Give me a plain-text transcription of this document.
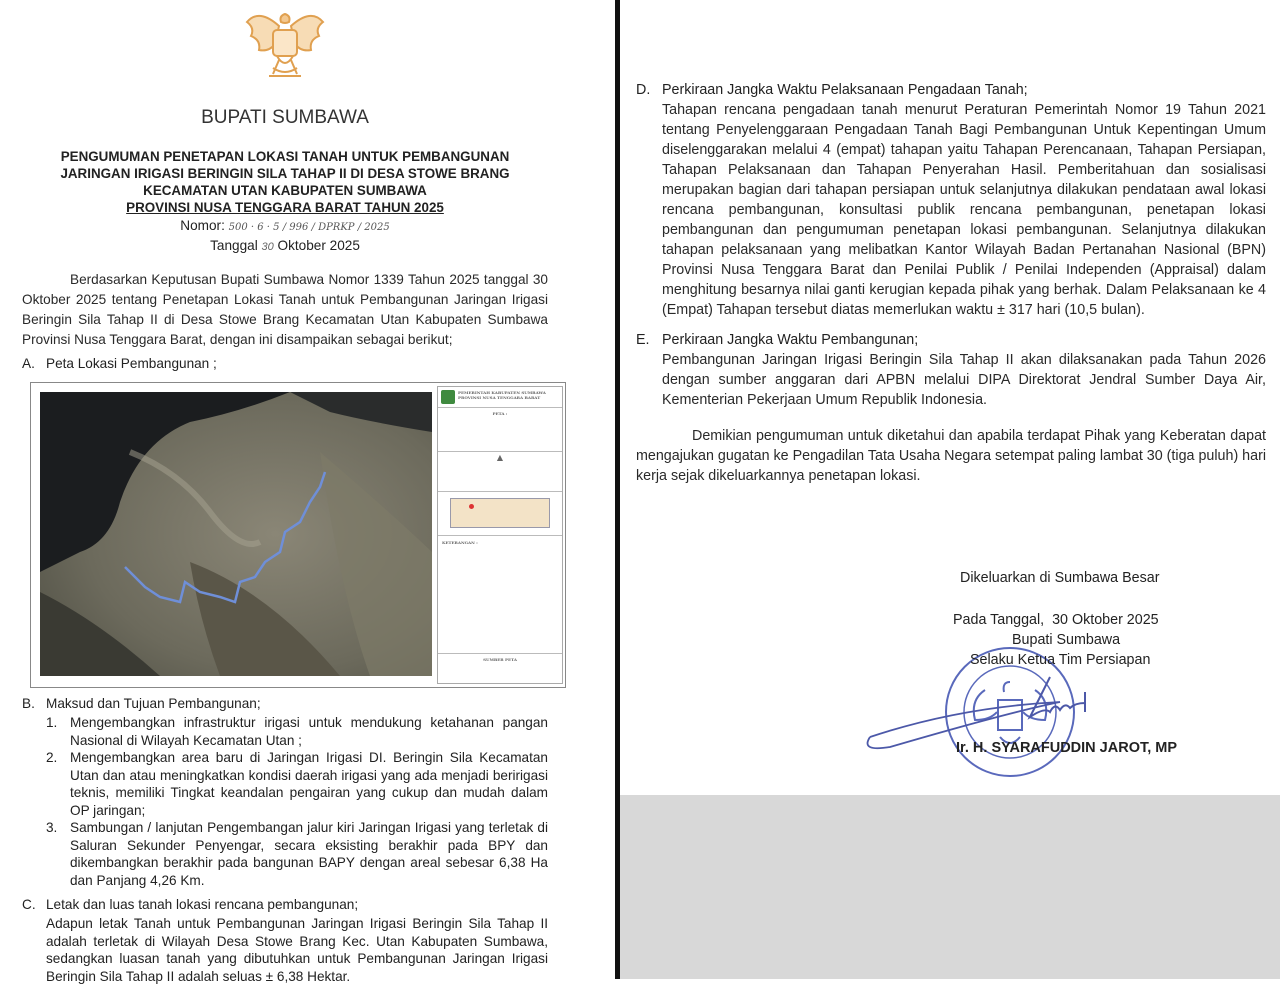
BUPATI SUMBAWA
PENGUMUMAN PENETAPAN LOKASI TANAH UNTUK PEMBANGUNAN
JARINGAN IRIGASI BERINGIN SILA TAHAP II DI DESA STOWE BRANG
KECAMATAN UTAN KABUPATEN SUMBAWA
PROVINSI NUSA TENGGARA BARAT TAHUN 2025
Nomor: 500 · 6 · 5 / 996 / DPRKP / 2025
Tanggal 30 Oktober 2025
Berdasarkan Keputusan Bupati Sumbawa Nomor 1339 Tahun 2025 tanggal 30 Oktober 2025 tentang Penetapan Lokasi Tanah untuk Pembangunan Jaringan Irigasi Beringin Sila Tahap II di Desa Stowe Brang Kecamatan Utan Kabupaten Sumbawa Provinsi Nusa Tenggara Barat, dengan ini disampaikan sebagai berikut;
A. Peta Lokasi Pembangunan ;
PEMERINTAH KABUPATEN SUMBAWA PROVINSI NUSA TENGGARA BARAT
PETA :
▲
KETERANGAN :
SUMBER PETA
B. Maksud dan Tujuan Pembangunan;
1. Mengembangkan infrastruktur irigasi untuk mendukung ketahanan pangan Nasional di Wilayah Kecamatan Utan ;
2. Mengembangkan area baru di Jaringan Irigasi DI. Beringin Sila Kecamatan Utan dan atau meningkatkan kondisi daerah irigasi yang ada menjadi beririgasi teknis, memiliki Tingkat keandalan pengairan yang cukup dan mudah dalam OP jaringan;
3. Sambungan / lanjutan Pengembangan jalur kiri Jaringan Irigasi yang terletak di Saluran Sekunder Penyengar, secara eksisting berakhir pada BPY dan dikembangkan berakhir pada bangunan BAPY dengan areal sebesar 6,38 Ha dan Panjang 4,26 Km.
C. Letak dan luas tanah lokasi rencana pembangunan;
Adapun letak Tanah untuk Pembangunan Jaringan Irigasi Beringin Sila Tahap II adalah terletak di Wilayah Desa Stowe Brang Kec. Utan Kabupaten Sumbawa, sedangkan luasan tanah yang dibutuhkan untuk Pembangunan Jaringan Irigasi Beringin Sila Tahap II adalah seluas ± 6,38 Hektar.
D. Perkiraan Jangka Waktu Pelaksanaan Pengadaan Tanah;
Tahapan rencana pengadaan tanah menurut Peraturan Pemerintah Nomor 19 Tahun 2021 tentang Penyelenggaraan Pengadaan Tanah Bagi Pembangunan Untuk Kepentingan Umum diselenggarakan melalui 4 (empat) tahapan yaitu Tahapan Perencanaan, Tahapan Persiapan, Tahapan Pelaksanaan dan Tahapan Penyerahan Hasil. Pemberitahuan dan sosialisasi merupakan bagian dari tahapan persiapan untuk selanjutnya dilakukan pendataan awal lokasi rencana pembangunan, konsultasi publik rencana pembangunan, penetapan lokasi pembangunan dan pengumuman penetapan lokasi pembangunan. Selanjutnya dilakukan tahapan pelaksanaan yang melibatkan Kantor Wilayah Badan Pertanahan Nasional (BPN) Provinsi Nusa Tenggara Barat dan Penilai Publik / Penilai Independen (Appraisal) dalam menghitung besarnya nilai ganti kerugian kepada pihak yang berhak. Dalam Pelaksanaan ke 4 (Empat) Tahapan tersebut diatas memerlukan waktu ± 317 hari (10,5 bulan).
E. Perkiraan Jangka Waktu Pembangunan;
Pembangunan Jaringan Irigasi Beringin Sila Tahap II akan dilaksanakan pada Tahun 2026 dengan sumber anggaran dari APBN melalui DIPA Direktorat Jendral Sumber Daya Air, Kementerian Pekerjaan Umum Republik Indonesia.
Demikian pengumuman untuk diketahui dan apabila terdapat Pihak yang Keberatan dapat mengajukan gugatan ke Pengadilan Tata Usaha Negara setempat paling lambat 30 (tiga puluh) hari kerja sejak dikeluarkannya penetapan lokasi.
Dikeluarkan di Sumbawa Besar
Pada Tanggal,  30 Oktober 2025
Bupati Sumbawa
Selaku Ketua Tim Persiapan
Ir. H. SYARAFUDDIN JAROT, MP
